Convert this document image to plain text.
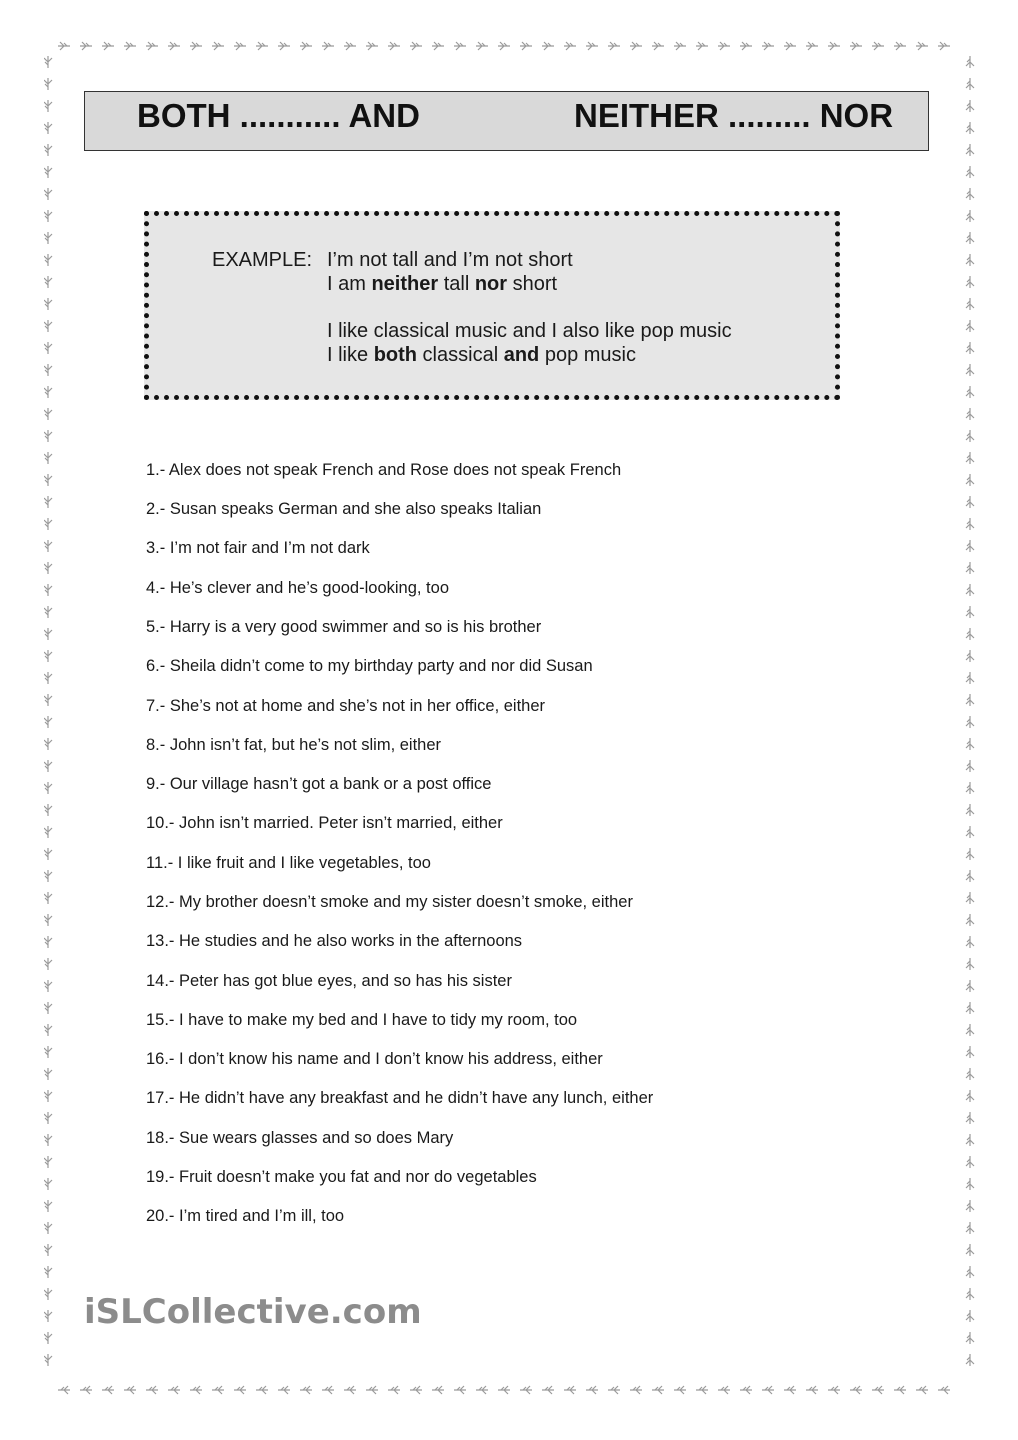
BOTH ........... AND	NEITHER ......... NOR
EXAMPLE: I’m not tall and I’m not short
I am neither tall nor short
I like classical music and I also like pop music
I like both classical and pop music
1.- Alex does not speak French and Rose does not speak French
2.- Susan speaks German and she also speaks Italian
3.- I’m not fair and I’m not dark
4.- He’s clever and he’s good-looking, too
5.- Harry is a very good swimmer and so is his brother
6.- Sheila didn’t come to my birthday party and nor did Susan
7.- She’s not at home and she’s not in her office, either
8.- John isn’t fat, but he’s not slim, either
9.- Our village hasn’t got a bank or a post office
10.- John isn’t married. Peter isn’t married, either
11.- I like fruit and I like vegetables, too
12.- My brother doesn’t smoke and my sister doesn’t smoke, either
13.- He studies and he also works in the afternoons
14.- Peter has got blue eyes, and so has his sister
15.- I have to make my bed and I have to tidy my room, too
16.- I don’t know his name and I don’t know his address, either
17.- He didn’t have any breakfast and he didn’t have any lunch, either
18.- Sue wears glasses and so does Mary
19.- Fruit doesn’t make you fat and nor do vegetables
20.- I’m tired and I’m ill, too
iSLCollective.com
